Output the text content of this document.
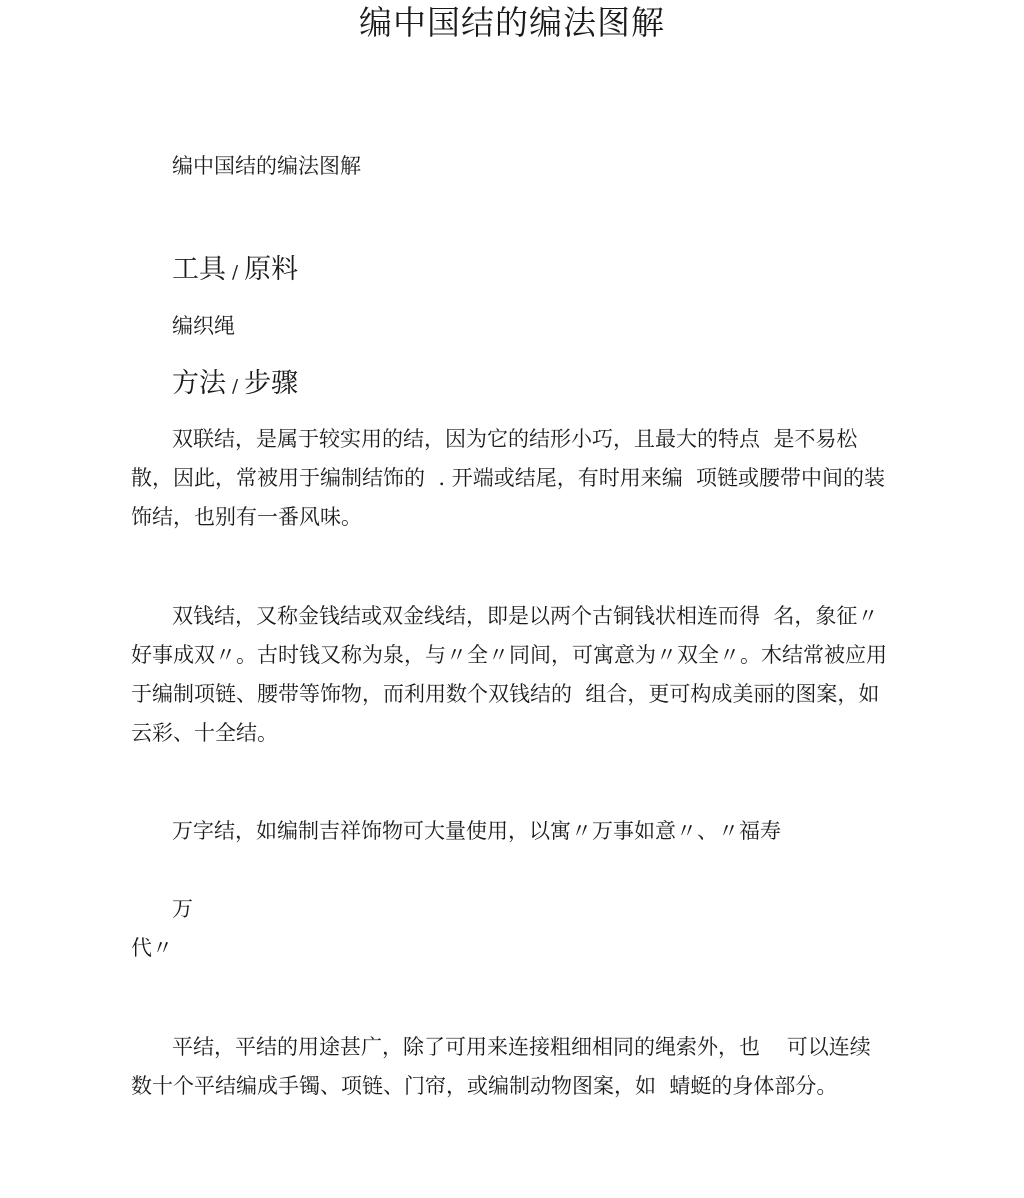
编中国结的编法图解

编中国结的编法图解

工具 / 原料

编织绳

方法 / 步骤

双联结，是属于较实用的结，因为它的结形小巧，且最大的特点  是不易松散，因此，常被用于编制结饰的  . 开端或结尾，有时用来编  项链或腰带中间的装饰结，也别有一番风味。

双钱结，又称金钱结或双金线结，即是以两个古铜钱状相连而得  名，象征〃好事成双〃。古时钱又称为泉，与〃全〃同间，可寓意为〃双全〃。木结常被应用于编制项链、腰带等饰物，而利用数个双钱结的  组合，更可构成美丽的图案，如云彩、十全结。

万字结，如编制吉祥饰物可大量使用，以寓〃万事如意〃、〃福寿

万
代〃

平结，平结的用途甚广，除了可用来连接粗细相同的绳索外，也    可以连续数十个平结编成手镯、项链、门帘，或编制动物图案，如  蜻蜓的身体部分。
